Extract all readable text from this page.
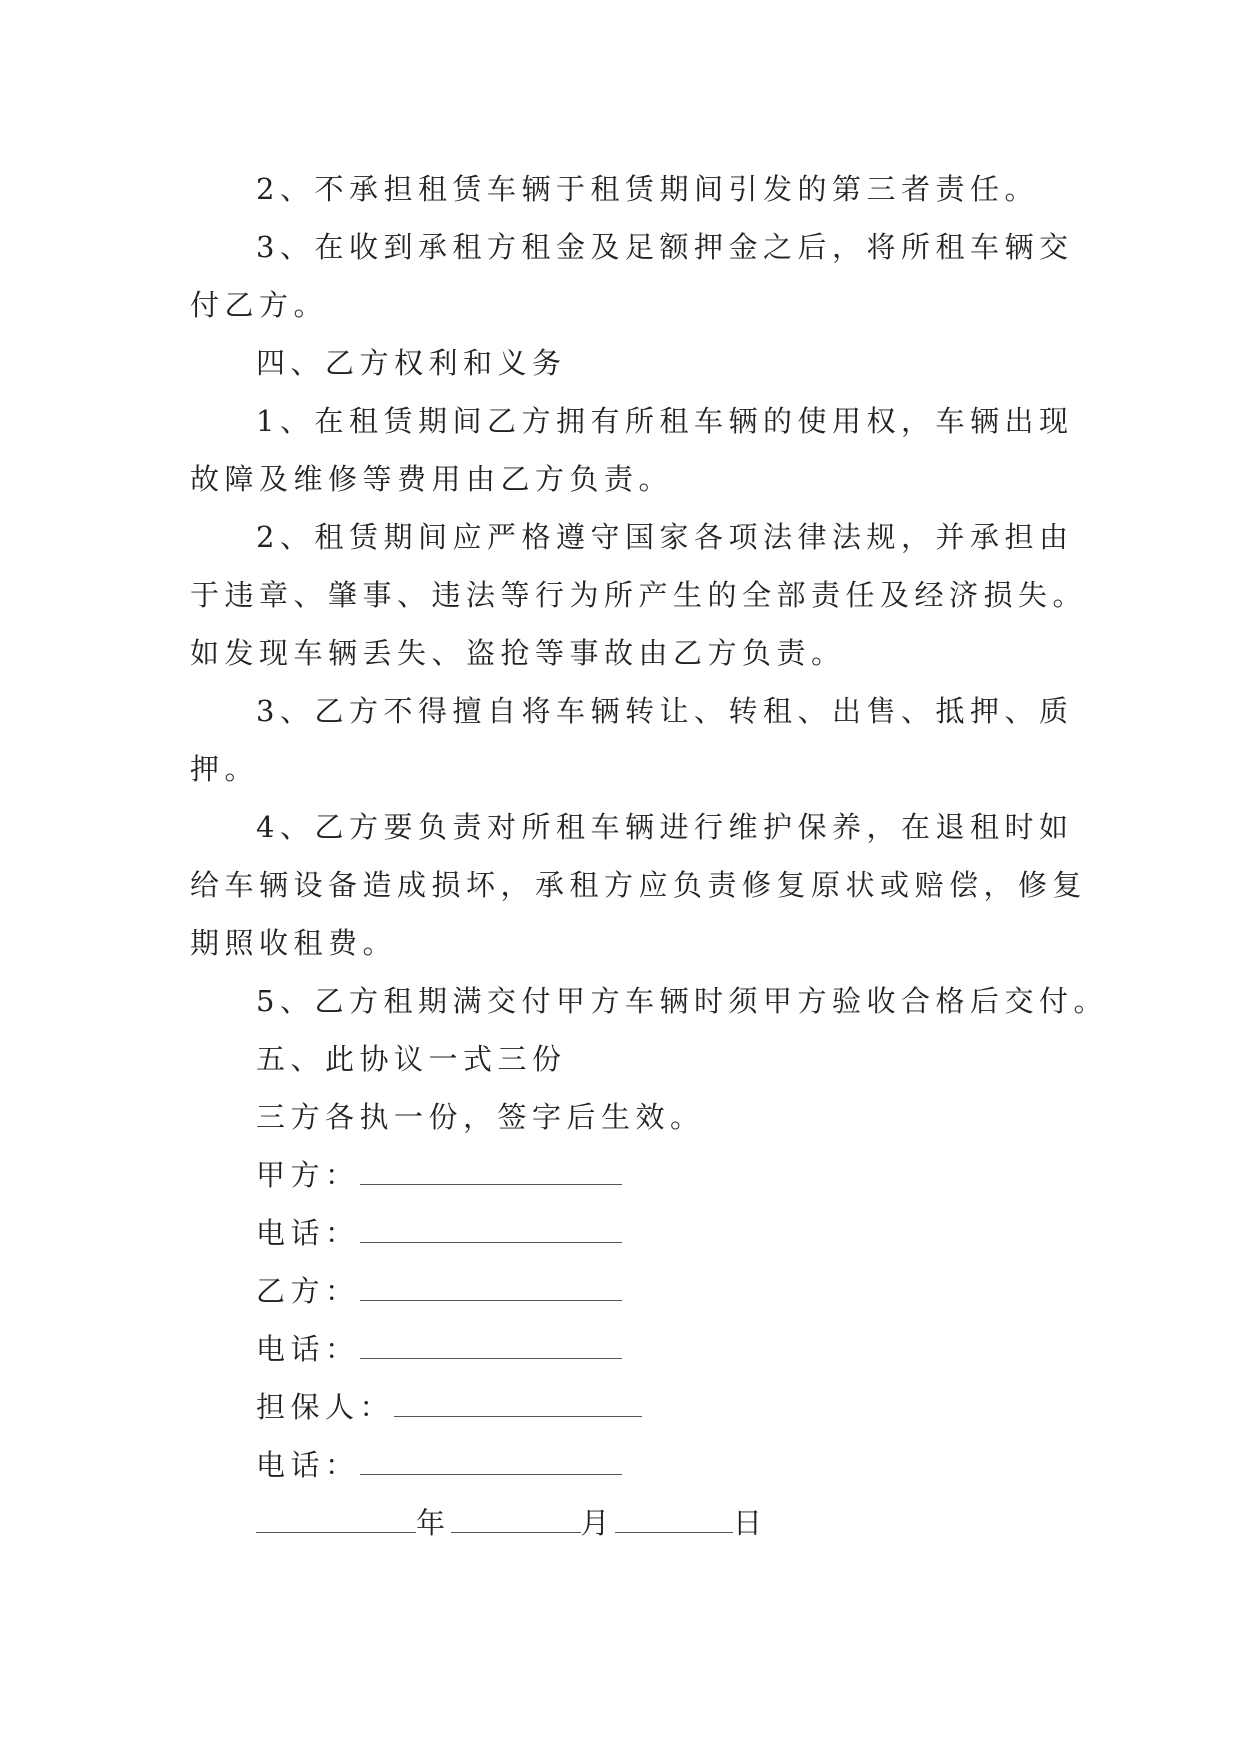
2、不承担租赁车辆于租赁期间引发的第三者责任。
3、在收到承租方租金及足额押金之后，将所租车辆交
付乙方。
四、乙方权利和义务
1、在租赁期间乙方拥有所租车辆的使用权，车辆出现
故障及维修等费用由乙方负责。
2、租赁期间应严格遵守国家各项法律法规，并承担由
于违章、肇事、违法等行为所产生的全部责任及经济损失。
如发现车辆丢失、盗抢等事故由乙方负责。
3、乙方不得擅自将车辆转让、转租、出售、抵押、质
押。
4、乙方要负责对所租车辆进行维护保养，在退租时如
给车辆设备造成损坏，承租方应负责修复原状或赔偿，修复
期照收租费。
5、乙方租期满交付甲方车辆时须甲方验收合格后交付。
五、此协议一式三份
三方各执一份，签字后生效。
甲方：
电话：
乙方：
电话：
担保人：
电话：
年	月	日
